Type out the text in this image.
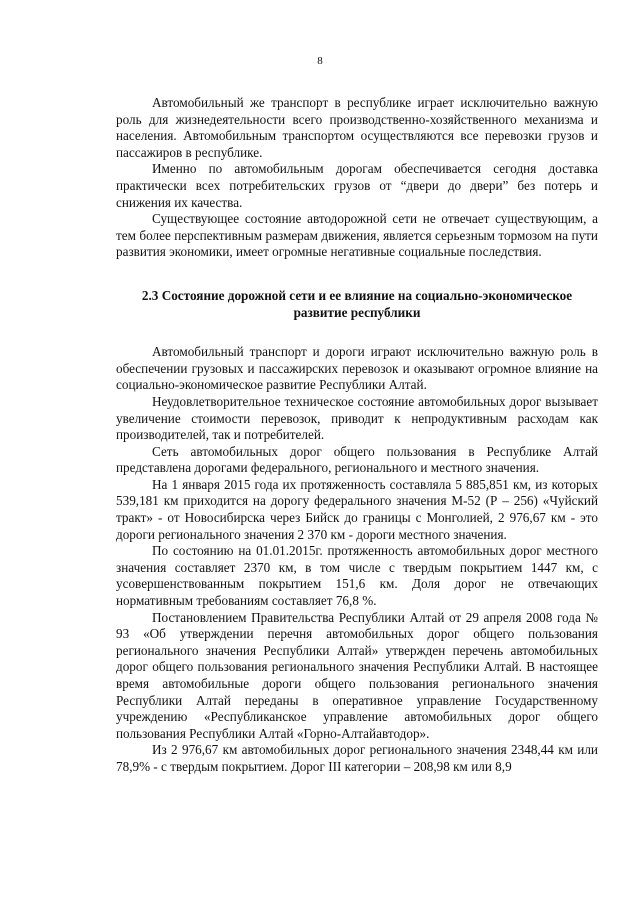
8

Автомобильный же транспорт в республике играет исключительно важную роль для жизнедеятельности всего производственно-хозяйственного механизма и населения. Автомобильным транспортом осуществляются все перевозки грузов и пассажиров в республике.

Именно по автомобильным дорогам обеспечивается сегодня доставка практически всех потребительских грузов от “двери до двери” без потерь и снижения их качества.

Существующее состояние автодорожной сети не отвечает существующим, а тем более перспективным размерам движения, является серьезным тормозом на пути развития экономики, имеет огромные негативные социальные последствия.

2.3 Состояние дорожной сети и ее влияние на социально-экономическое развитие республики

Автомобильный транспорт и дороги играют исключительно важную роль в обеспечении грузовых и пассажирских перевозок и оказывают огромное влияние на социально-экономическое развитие Республики Алтай.

Неудовлетворительное техническое состояние автомобильных дорог вызывает увеличение стоимости перевозок, приводит к непродуктивным расходам как производителей, так и потребителей.

Сеть автомобильных дорог общего пользования в Республике Алтай представлена дорогами федерального, регионального и местного значения.

На 1 января 2015 года их протяженность составляла 5 885,851 км, из которых 539,181 км приходится на дорогу федерального значения М-52 (Р – 256) «Чуйский тракт» - от Новосибирска через Бийск до границы с Монголией, 2 976,67 км - это дороги регионального значения 2 370 км - дороги местного значения.

По состоянию на 01.01.2015г. протяженность автомобильных дорог местного значения составляет 2370 км, в том числе с твердым покрытием 1447 км, с усовершенствованным покрытием 151,6 км. Доля дорог не отвечающих нормативным требованиям составляет 76,8 %.

Постановлением Правительства Республики Алтай от 29 апреля 2008 года № 93 «Об утверждении перечня автомобильных дорог общего пользования регионального значения Республики Алтай» утвержден перечень автомобильных дорог общего пользования регионального значения Республики Алтай. В настоящее время автомобильные дороги общего пользования регионального значения Республики Алтай переданы в оперативное управление Государственному учреждению «Республиканское управление автомобильных дорог общего пользования Республики Алтай «Горно-Алтайавтодор».

Из 2 976,67 км автомобильных дорог регионального значения 2348,44 км или 78,9% - с твердым покрытием. Дорог III категории – 208,98 км или 8,9
